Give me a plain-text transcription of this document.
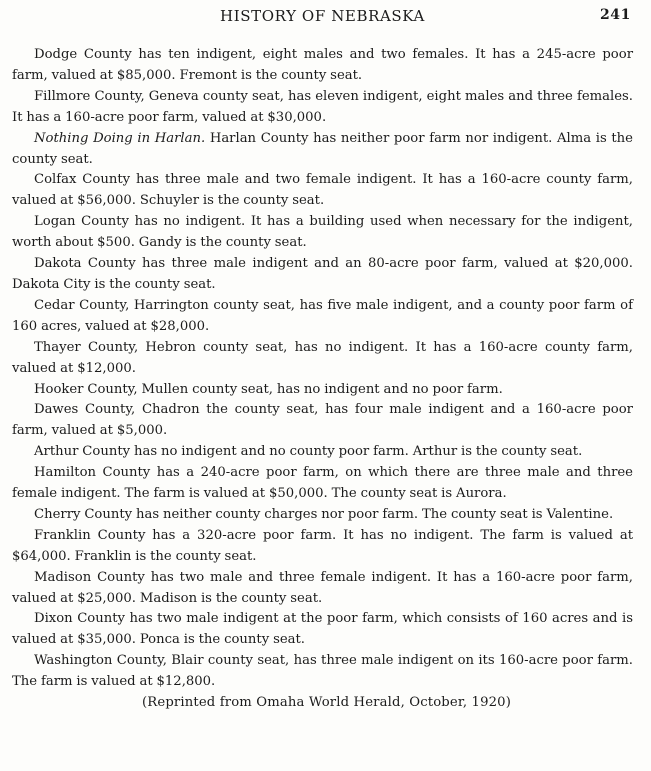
HISTORY OF NEBRASKA	241

Dodge County has ten indigent, eight males and two females. It has a 245-acre poor farm, valued at $85,000. Fremont is the county seat.

Fillmore County, Geneva county seat, has eleven indigent, eight males and three females. It has a 160-acre poor farm, valued at $30,000.

Nothing Doing in Harlan. Harlan County has neither poor farm nor indigent. Alma is the county seat.

Colfax County has three male and two female indigent. It has a 160-acre county farm, valued at $56,000. Schuyler is the county seat.

Logan County has no indigent. It has a building used when necessary for the indigent, worth about $500. Gandy is the county seat.

Dakota County has three male indigent and an 80-acre poor farm, valued at $20,000. Dakota City is the county seat.

Cedar County, Harrington county seat, has five male indigent, and a county poor farm of 160 acres, valued at $28,000.

Thayer County, Hebron county seat, has no indigent. It has a 160-acre county farm, valued at $12,000.

Hooker County, Mullen county seat, has no indigent and no poor farm.

Dawes County, Chadron the county seat, has four male indigent and a 160-acre poor farm, valued at $5,000.

Arthur County has no indigent and no county poor farm. Arthur is the county seat.

Hamilton County has a 240-acre poor farm, on which there are three male and three female indigent. The farm is valued at $50,000. The county seat is Aurora.

Cherry County has neither county charges nor poor farm. The county seat is Valentine.

Franklin County has a 320-acre poor farm. It has no indigent. The farm is valued at $64,000. Franklin is the county seat.

Madison County has two male and three female indigent. It has a 160-acre poor farm, valued at $25,000. Madison is the county seat.

Dixon County has two male indigent at the poor farm, which consists of 160 acres and is valued at $35,000. Ponca is the county seat.

Washington County, Blair county seat, has three male indigent on its 160-acre poor farm. The farm is valued at $12,800.

(Reprinted from Omaha World Herald, October, 1920)
